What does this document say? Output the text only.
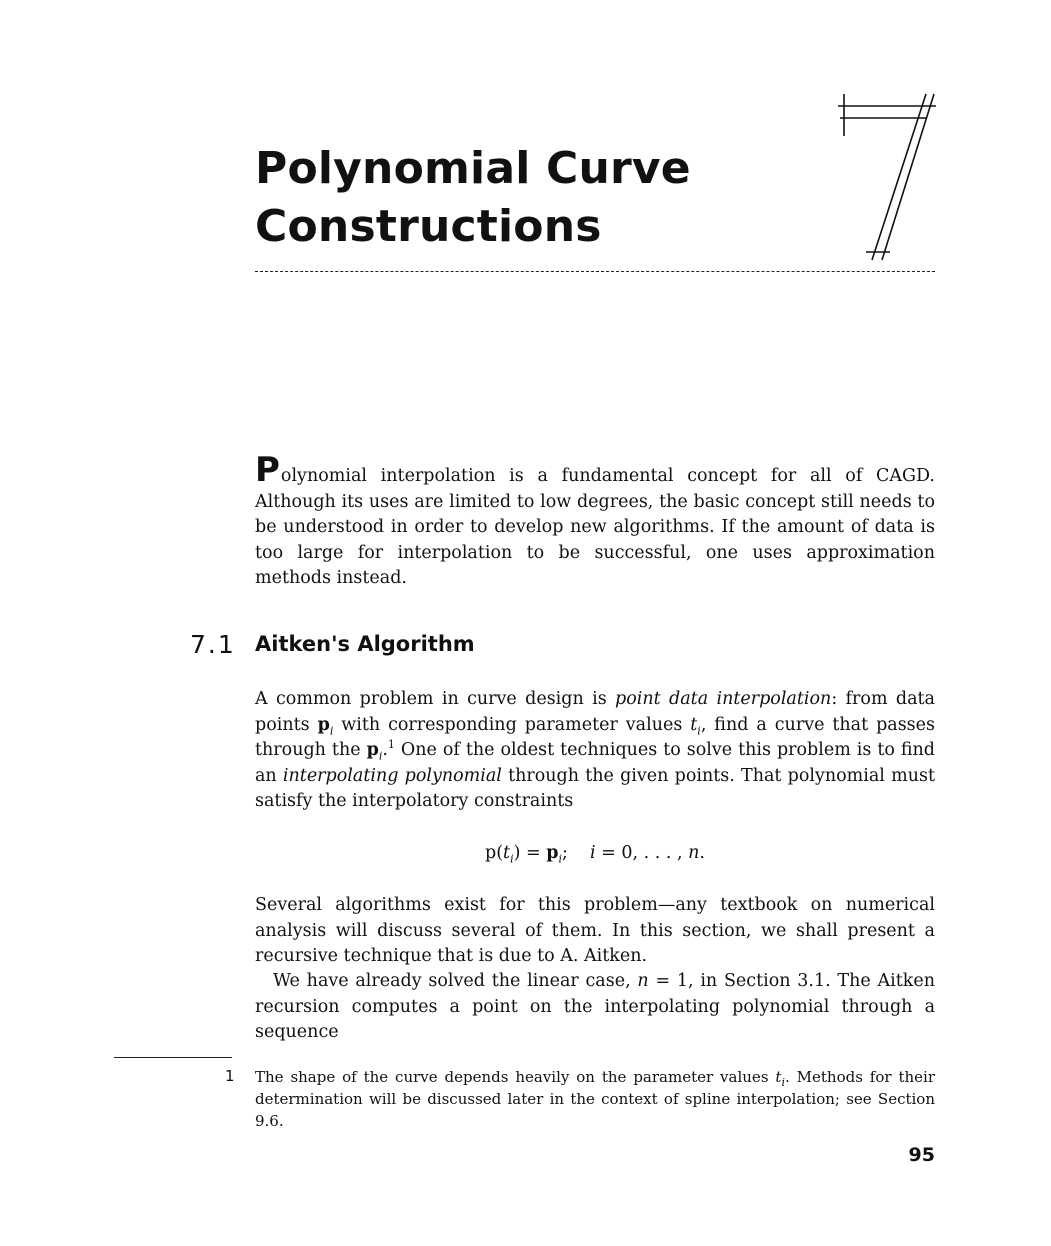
Polynomial Curve
Constructions

Polynomial interpolation is a fundamental concept for all of CAGD. Although its uses are limited to low degrees, the basic concept still needs to be understood in order to develop new algorithms. If the amount of data is too large for interpolation to be successful, one uses approximation methods instead.

7.1 Aitken's Algorithm

A common problem in curve design is point data interpolation: from data points $p_i$ with corresponding parameter values $t_i$, find a curve that passes through the $p_i.^1$ One of the oldest techniques to solve this problem is to find an interpolating polynomial through the given points. That polynomial must satisfy the interpolatory constraints

$p(t_i) = p_i$; i = 0, . . . , n.

Several algorithms exist for this problem—any textbook on numerical analysis will discuss several of them. In this section, we shall present a recursive technique that is due to A. Aitken.

We have already solved the linear case, n = 1, in Section 3.1. The Aitken recursion computes a point on the interpolating polynomial through a sequence

1 The shape of the curve depends heavily on the parameter values $t_i$. Methods for their determination will be discussed later in the context of spline interpolation; see Section 9.6.

95
